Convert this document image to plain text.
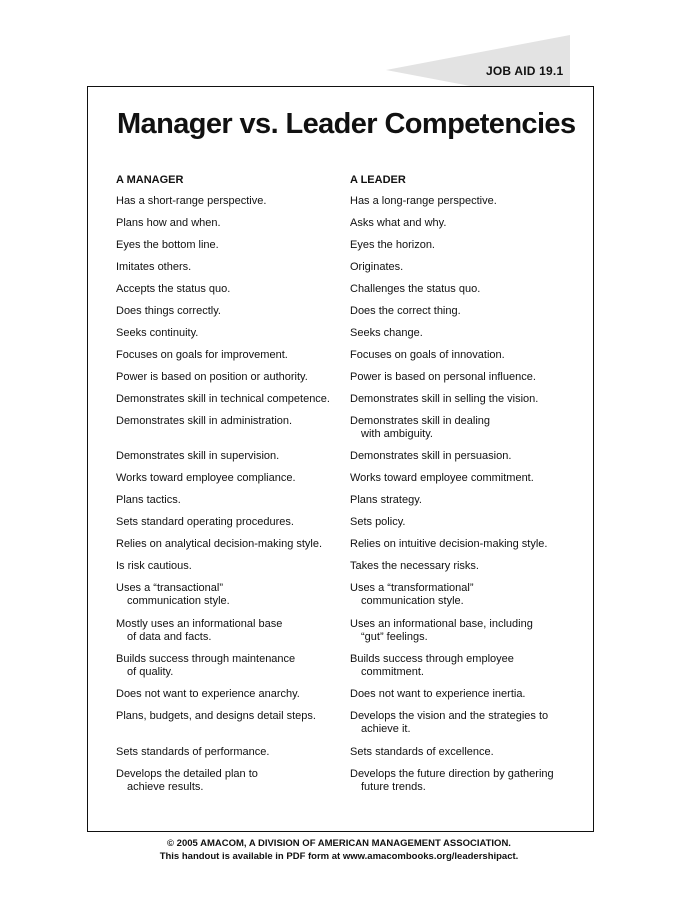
JOB AID 19.1
Manager vs. Leader Competencies
A MANAGER	A LEADER
Has a short-range perspective.
Plans how and when.
Eyes the bottom line.
Imitates others.
Accepts the status quo.
Does things correctly.
Seeks continuity.
Focuses on goals for improvement.
Power is based on position or authority.
Demonstrates skill in technical competence.
Demonstrates skill in administration.
Demonstrates skill in supervision.
Works toward employee compliance.
Plans tactics.
Sets standard operating procedures.
Relies on analytical decision-making style.
Is risk cautious.
Uses a “transactional”
communication style.
Mostly uses an informational base
of data and facts.
Builds success through maintenance
of quality.
Does not want to experience anarchy.
Plans, budgets, and designs detail steps.
Sets standards of performance.
Develops the detailed plan to
achieve results.
Has a long-range perspective.
Asks what and why.
Eyes the horizon.
Originates.
Challenges the status quo.
Does the correct thing.
Seeks change.
Focuses on goals of innovation.
Power is based on personal influence.
Demonstrates skill in selling the vision.
Demonstrates skill in dealing
with ambiguity.
Demonstrates skill in persuasion.
Works toward employee commitment.
Plans strategy.
Sets policy.
Relies on intuitive decision-making style.
Takes the necessary risks.
Uses a “transformational”
communication style.
Uses an informational base, including
“gut” feelings.
Builds success through employee
commitment.
Does not want to experience inertia.
Develops the vision and the strategies to
achieve it.
Sets standards of excellence.
Develops the future direction by gathering
future trends.
© 2005 AMACOM, A DIVISION OF AMERICAN MANAGEMENT ASSOCIATION.
This handout is available in PDF form at www.amacombooks.org/leadershipact.
